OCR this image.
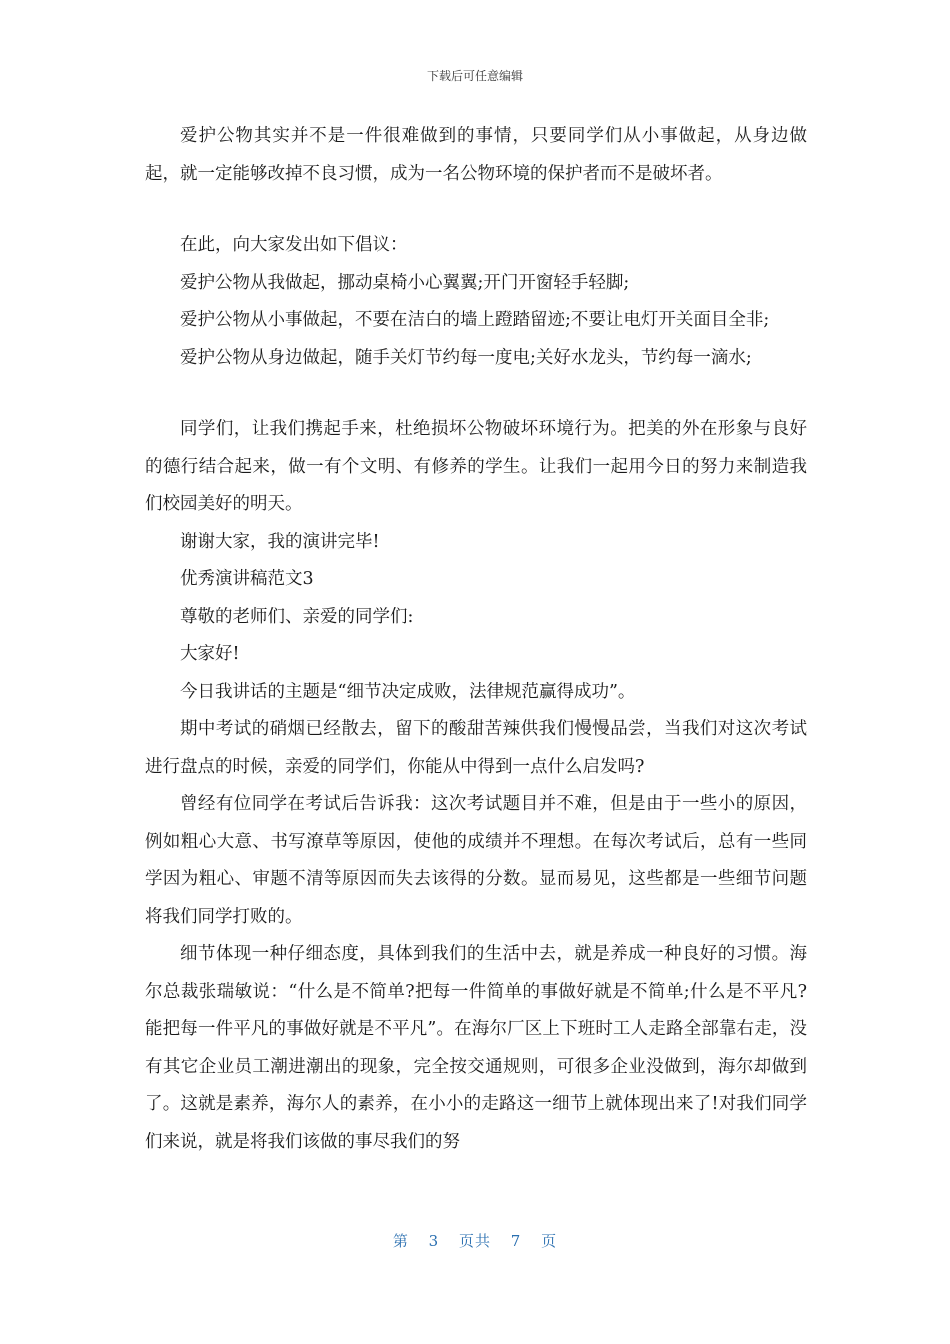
下载后可任意编辑

爱护公物其实并不是一件很难做到的事情，只要同学们从小事做起，从身边做起，就一定能够改掉不良习惯，成为一名公物环境的保护者而不是破坏者。

在此，向大家发出如下倡议：

爱护公物从我做起，挪动桌椅小心翼翼;开门开窗轻手轻脚;

爱护公物从小事做起，不要在洁白的墙上蹬踏留迹;不要让电灯开关面目全非;

爱护公物从身边做起，随手关灯节约每一度电;关好水龙头，节约每一滴水;

同学们，让我们携起手来，杜绝损坏公物破坏环境行为。把美的外在形象与良好的德行结合起来，做一有个文明、有修养的学生。让我们一起用今日的努力来制造我们校园美好的明天。

谢谢大家，我的演讲完毕!

优秀演讲稿范文3

尊敬的老师们、亲爱的同学们:

大家好!

今日我讲话的主题是“细节决定成败，法律规范赢得成功”。

期中考试的硝烟已经散去，留下的酸甜苦辣供我们慢慢品尝，当我们对这次考试进行盘点的时候，亲爱的同学们，你能从中得到一点什么启发吗?

曾经有位同学在考试后告诉我：这次考试题目并不难，但是由于一些小的原因，例如粗心大意、书写潦草等原因，使他的成绩并不理想。在每次考试后，总有一些同学因为粗心、审题不清等原因而失去该得的分数。显而易见，这些都是一些细节问题将我们同学打败的。

细节体现一种仔细态度，具体到我们的生活中去，就是养成一种良好的习惯。海尔总裁张瑞敏说：“什么是不简单?把每一件简单的事做好就是不简单;什么是不平凡?能把每一件平凡的事做好就是不平凡”。在海尔厂区上下班时工人走路全部靠右走，没有其它企业员工潮进潮出的现象，完全按交通规则，可很多企业没做到，海尔却做到了。这就是素养，海尔人的素养，在小小的走路这一细节上就体现出来了!对我们同学们来说，就是将我们该做的事尽我们的努

第 3 页共 7 页
